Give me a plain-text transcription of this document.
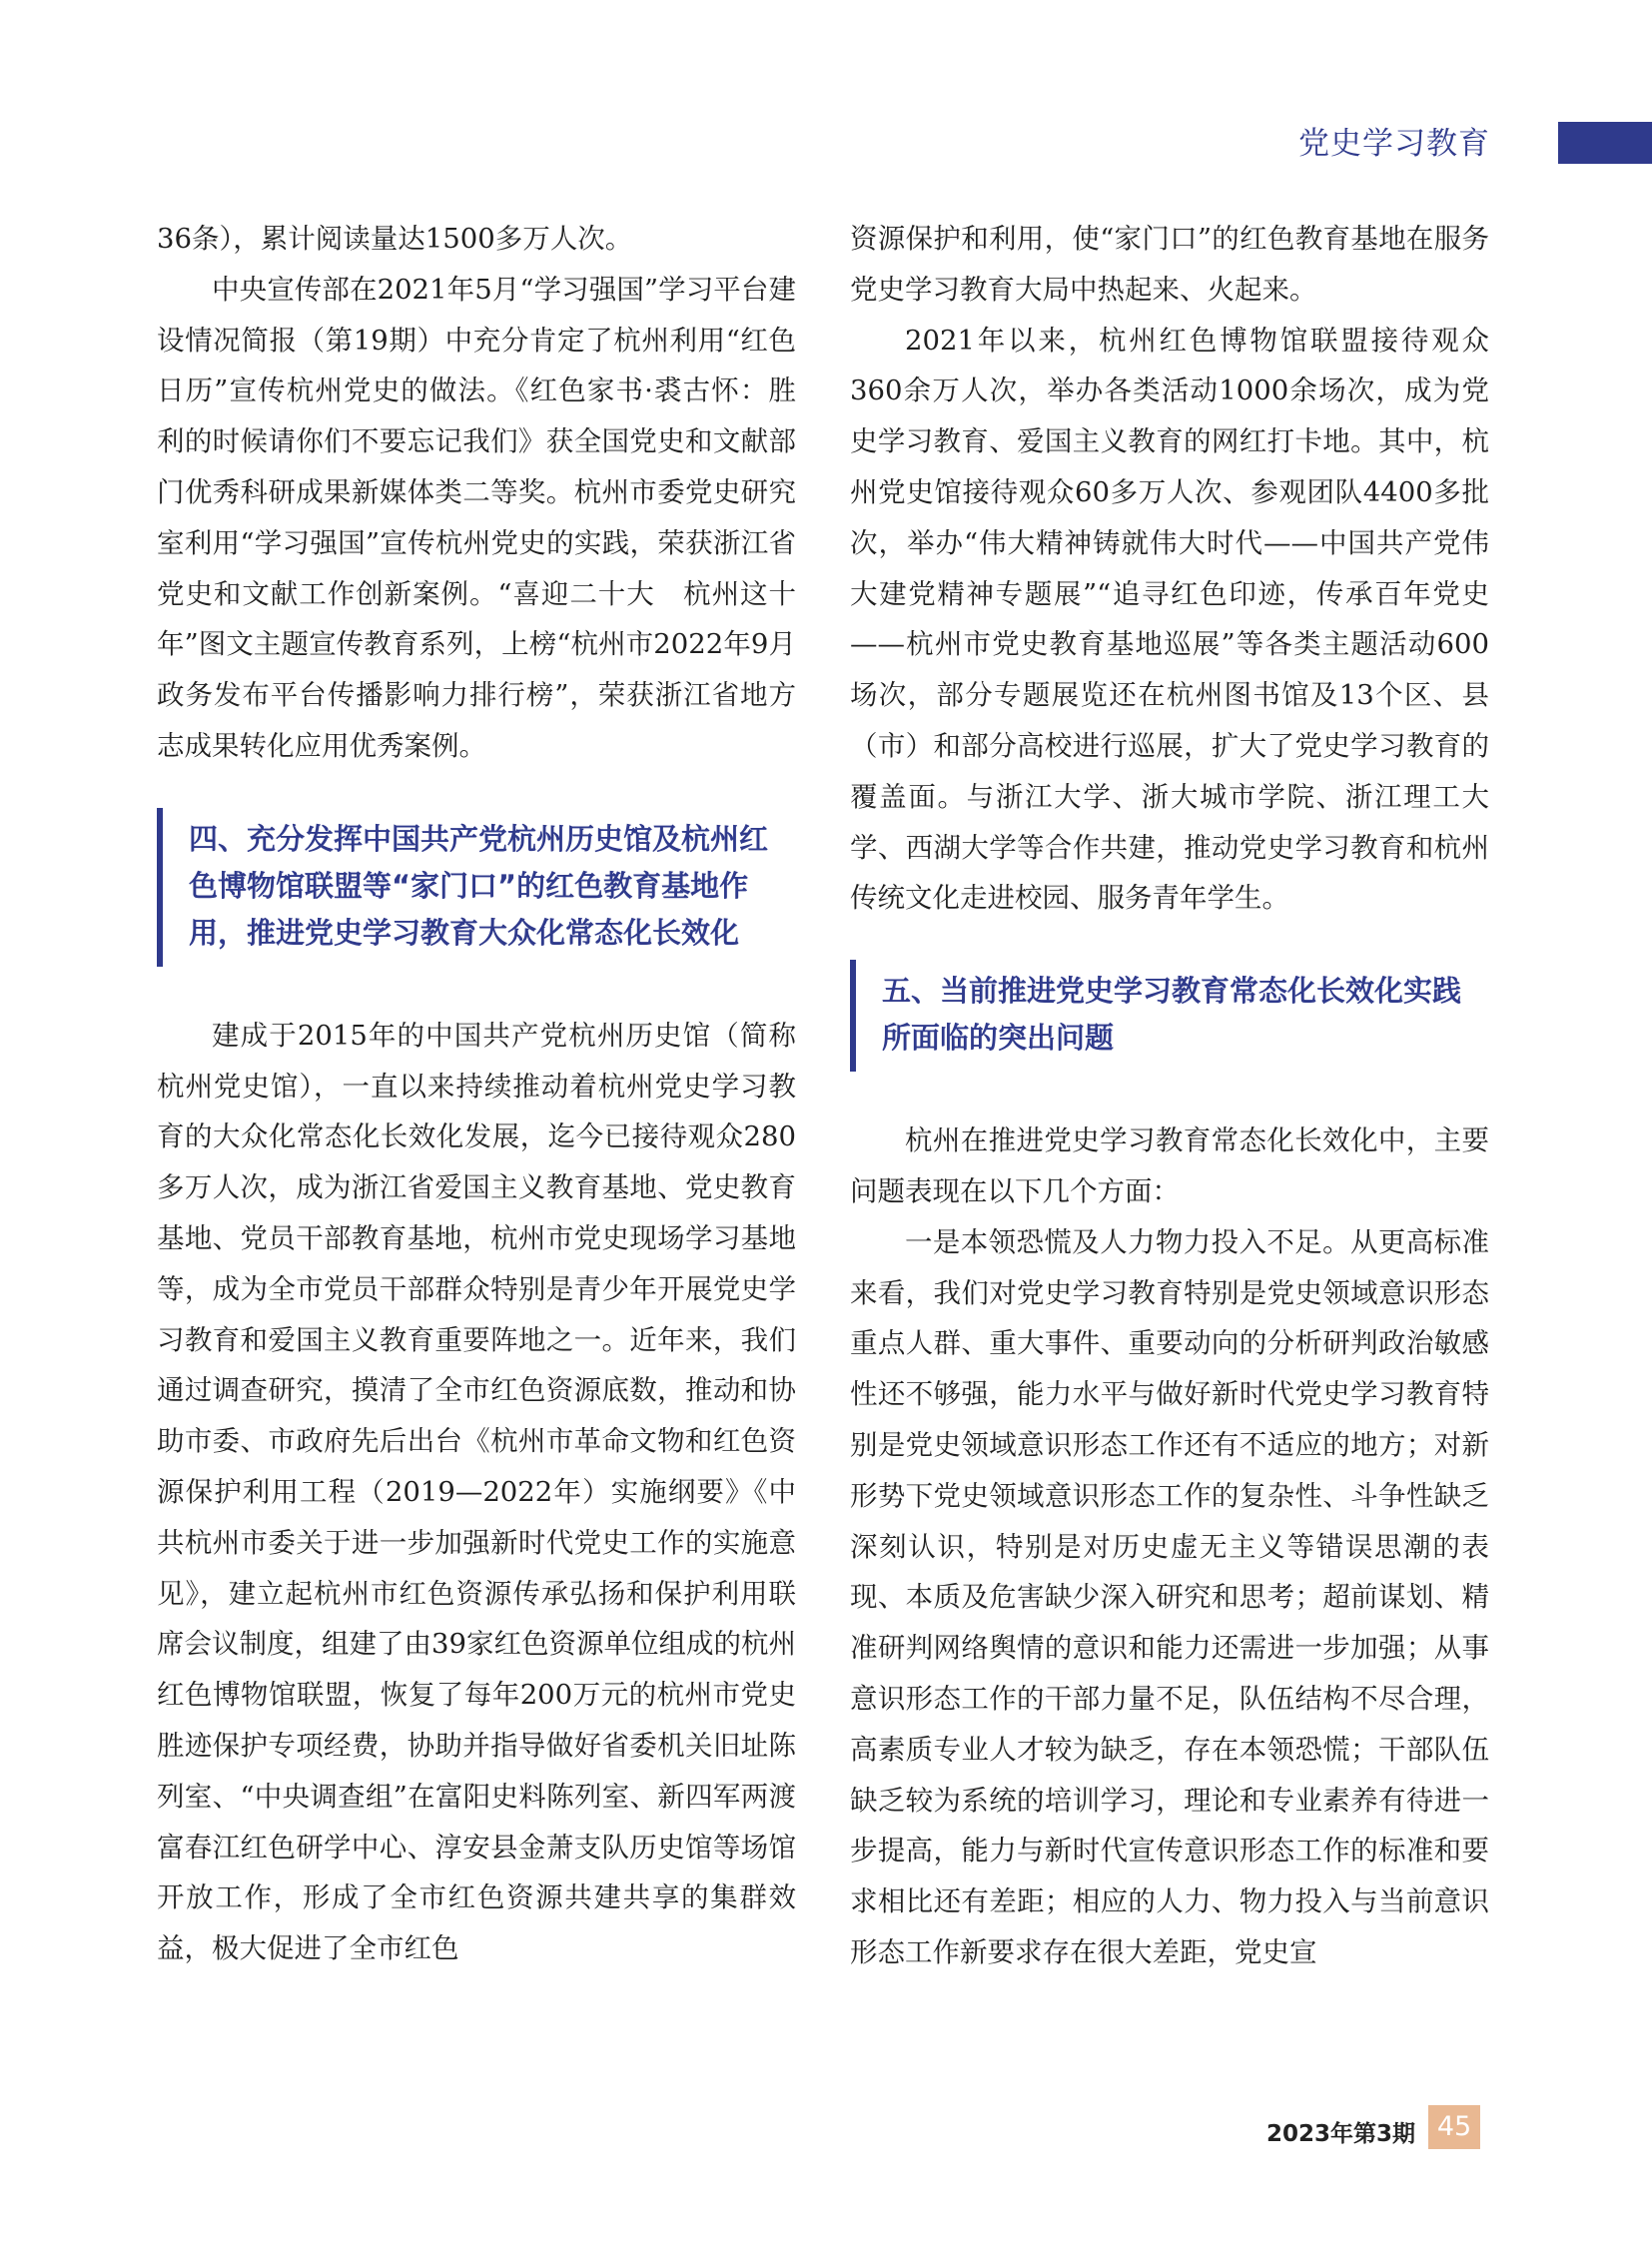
党史学习教育

36条），累计阅读量达1500多万人次。

中央宣传部在2021年5月“学习强国”学习平台建设情况简报（第19期）中充分肯定了杭州利用“红色日历”宣传杭州党史的做法。《红色家书·裘古怀：胜利的时候请你们不要忘记我们》获全国党史和文献部门优秀科研成果新媒体类二等奖。杭州市委党史研究室利用“学习强国”宣传杭州党史的实践，荣获浙江省党史和文献工作创新案例。“喜迎二十大　杭州这十年”图文主题宣传教育系列，上榜“杭州市2022年9月政务发布平台传播影响力排行榜”，荣获浙江省地方志成果转化应用优秀案例。

四、充分发挥中国共产党杭州历史馆及杭州红色博物馆联盟等“家门口”的红色教育基地作用，推进党史学习教育大众化常态化长效化

建成于2015年的中国共产党杭州历史馆（简称杭州党史馆），一直以来持续推动着杭州党史学习教育的大众化常态化长效化发展，迄今已接待观众280多万人次，成为浙江省爱国主义教育基地、党史教育基地、党员干部教育基地，杭州市党史现场学习基地等，成为全市党员干部群众特别是青少年开展党史学习教育和爱国主义教育重要阵地之一。近年来，我们通过调查研究，摸清了全市红色资源底数，推动和协助市委、市政府先后出台《杭州市革命文物和红色资源保护利用工程（2019—2022年）实施纲要》《中共杭州市委关于进一步加强新时代党史工作的实施意见》，建立起杭州市红色资源传承弘扬和保护利用联席会议制度，组建了由39家红色资源单位组成的杭州红色博物馆联盟，恢复了每年200万元的杭州市党史胜迹保护专项经费，协助并指导做好省委机关旧址陈列室、“中央调查组”在富阳史料陈列室、新四军两渡富春江红色研学中心、淳安县金萧支队历史馆等场馆开放工作，形成了全市红色资源共建共享的集群效益，极大促进了全市红色

资源保护和利用，使“家门口”的红色教育基地在服务党史学习教育大局中热起来、火起来。

2021年以来，杭州红色博物馆联盟接待观众360余万人次，举办各类活动1000余场次，成为党史学习教育、爱国主义教育的网红打卡地。其中，杭州党史馆接待观众60多万人次、参观团队4400多批次，举办“伟大精神铸就伟大时代——中国共产党伟大建党精神专题展”“追寻红色印迹，传承百年党史——杭州市党史教育基地巡展”等各类主题活动600场次，部分专题展览还在杭州图书馆及13个区、县（市）和部分高校进行巡展，扩大了党史学习教育的覆盖面。与浙江大学、浙大城市学院、浙江理工大学、西湖大学等合作共建，推动党史学习教育和杭州传统文化走进校园、服务青年学生。

五、当前推进党史学习教育常态化长效化实践所面临的突出问题

杭州在推进党史学习教育常态化长效化中，主要问题表现在以下几个方面：

一是本领恐慌及人力物力投入不足。从更高标准来看，我们对党史学习教育特别是党史领域意识形态重点人群、重大事件、重要动向的分析研判政治敏感性还不够强，能力水平与做好新时代党史学习教育特别是党史领域意识形态工作还有不适应的地方；对新形势下党史领域意识形态工作的复杂性、斗争性缺乏深刻认识，特别是对历史虚无主义等错误思潮的表现、本质及危害缺少深入研究和思考；超前谋划、精准研判网络舆情的意识和能力还需进一步加强；从事意识形态工作的干部力量不足，队伍结构不尽合理，高素质专业人才较为缺乏，存在本领恐慌；干部队伍缺乏较为系统的培训学习，理论和专业素养有待进一步提高，能力与新时代宣传意识形态工作的标准和要求相比还有差距；相应的人力、物力投入与当前意识形态工作新要求存在很大差距，党史宣

2023年第3期 45
